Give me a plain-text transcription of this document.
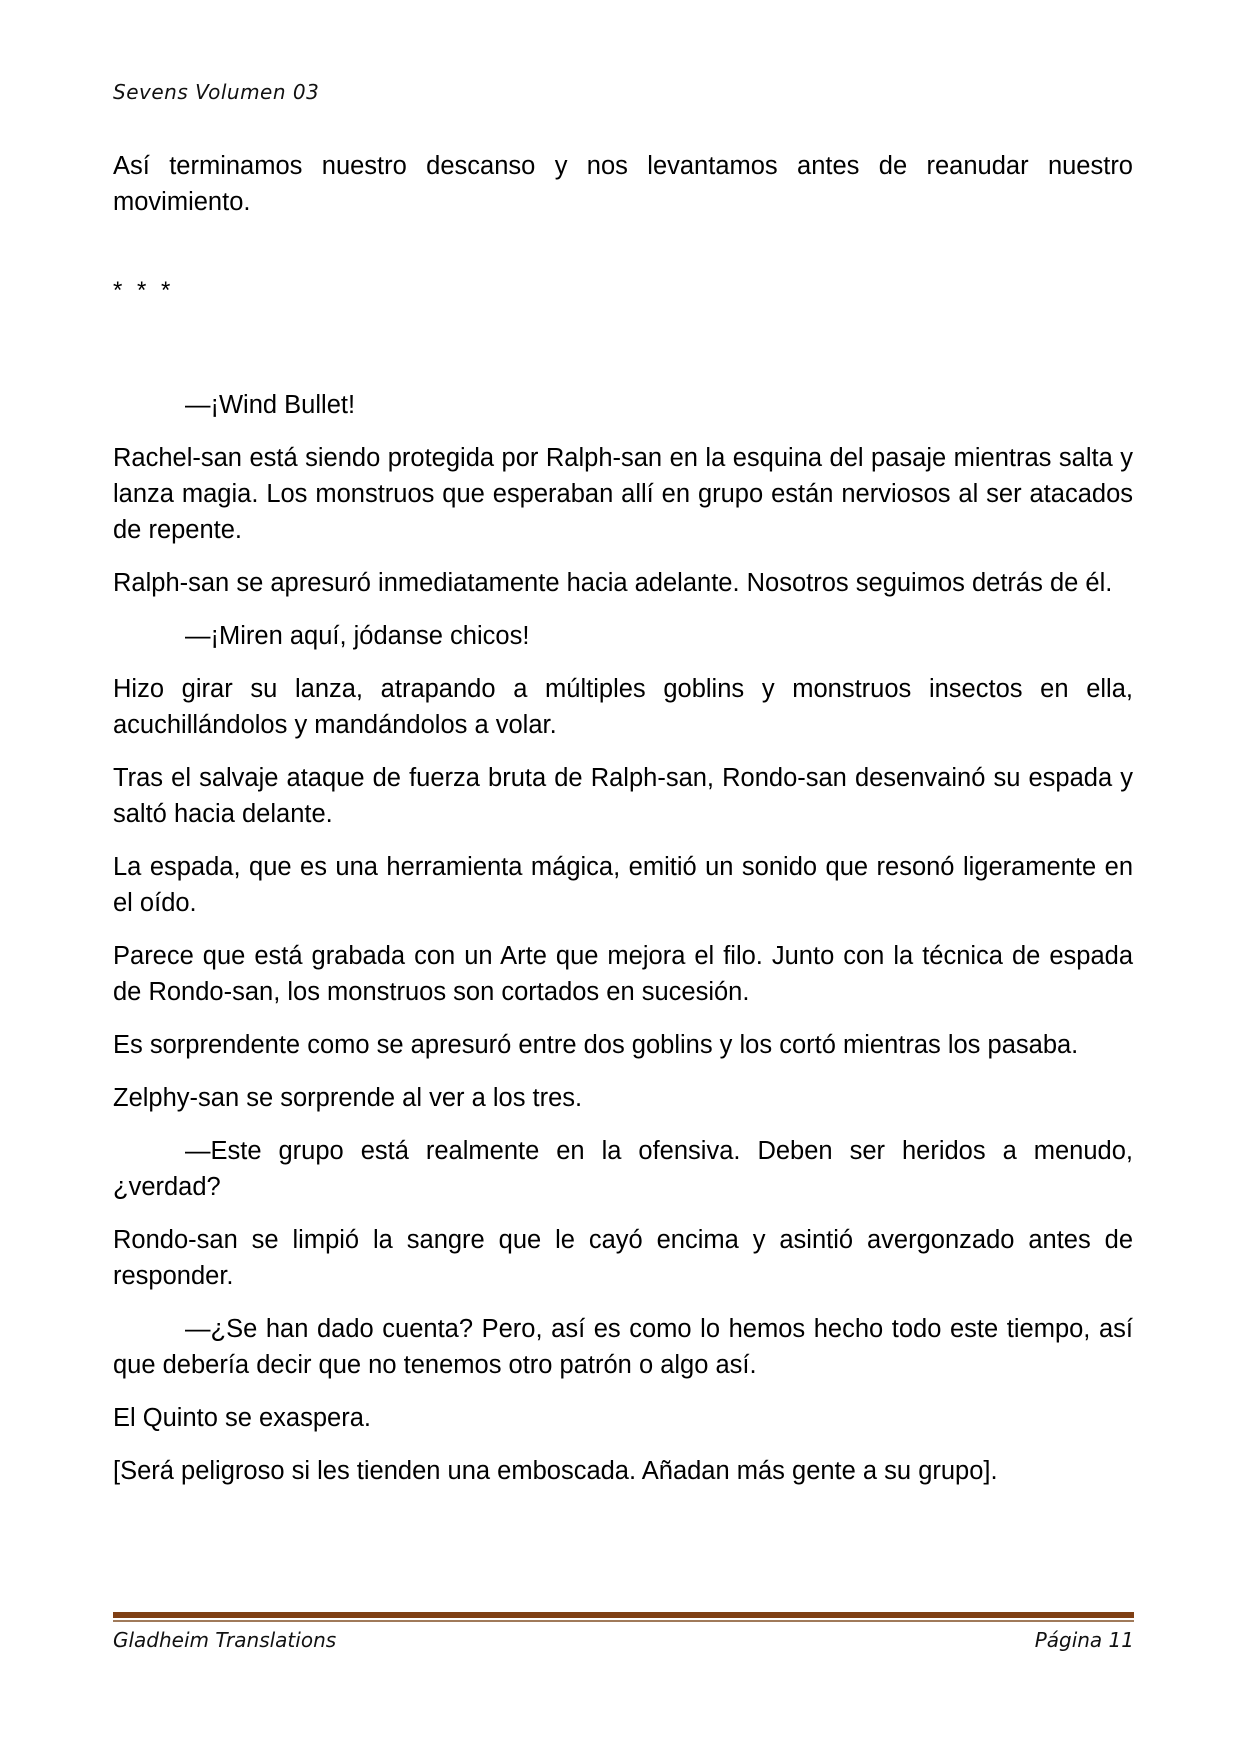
Sevens Volumen 03

Así terminamos nuestro descanso y nos levantamos antes de reanudar nuestro movimiento.

* * *

—¡Wind Bullet!

Rachel-san está siendo protegida por Ralph-san en la esquina del pasaje mientras salta y lanza magia. Los monstruos que esperaban allí en grupo están nerviosos al ser atacados de repente.

Ralph-san se apresuró inmediatamente hacia adelante. Nosotros seguimos detrás de él.

—¡Miren aquí, jódanse chicos!

Hizo girar su lanza, atrapando a múltiples goblins y monstruos insectos en ella, acuchillándolos y mandándolos a volar.

Tras el salvaje ataque de fuerza bruta de Ralph-san, Rondo-san desenvainó su espada y saltó hacia delante.

La espada, que es una herramienta mágica, emitió un sonido que resonó ligeramente en el oído.

Parece que está grabada con un Arte que mejora el filo. Junto con la técnica de espada de Rondo-san, los monstruos son cortados en sucesión.

Es sorprendente como se apresuró entre dos goblins y los cortó mientras los pasaba.

Zelphy-san se sorprende al ver a los tres.

—Este grupo está realmente en la ofensiva. Deben ser heridos a menudo, ¿verdad?

Rondo-san se limpió la sangre que le cayó encima y asintió avergonzado antes de responder.

—¿Se han dado cuenta? Pero, así es como lo hemos hecho todo este tiempo, así que debería decir que no tenemos otro patrón o algo así.

El Quinto se exaspera.

[Será peligroso si les tienden una emboscada. Añadan más gente a su grupo].

Gladheim Translations	Página 11
